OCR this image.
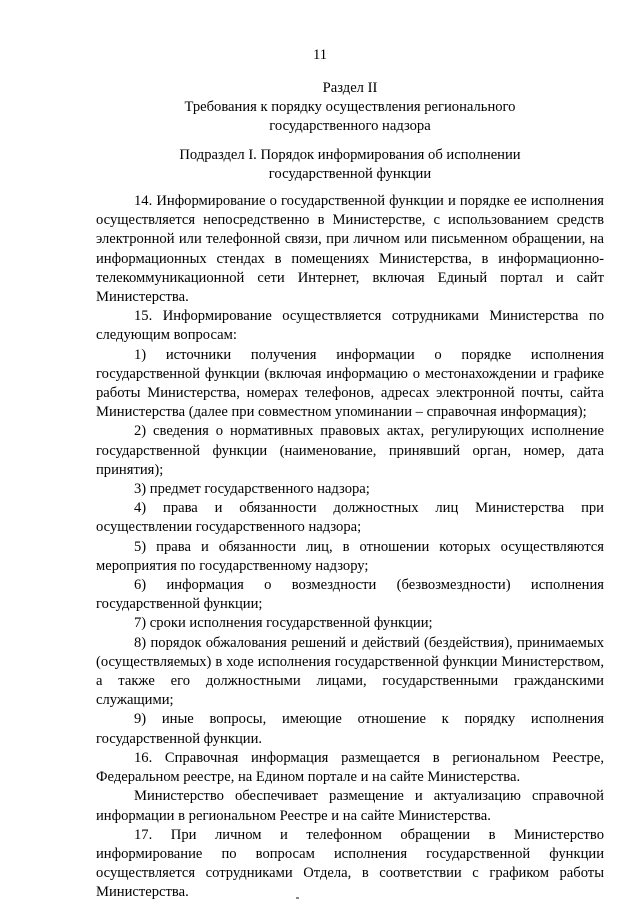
11
Раздел II
Требования к порядку осуществления регионального
государственного надзора
Подраздел I. Порядок информирования об исполнении
государственной функции

14. Информирование о государственной функции и порядке ее исполнения осуществляется непосредственно в Министерстве, с использованием средств электронной или телефонной связи, при личном или письменном обращении, на информационных стендах в помещениях Министерства, в информационно-телекоммуникационной сети Интернет, включая Единый портал и сайт Министерства.

15. Информирование осуществляется сотрудниками Министерства по следующим вопросам:

1) источники получения информации о порядке исполнения государственной функции (включая информацию о местонахождении и графике работы Министерства, номерах телефонов, адресах электронной почты, сайта Министерства (далее при совместном упоминании – справочная информация);

2) сведения о нормативных правовых актах, регулирующих исполнение государственной функции (наименование, принявший орган, номер, дата принятия);

3) предмет государственного надзора;

4) права и обязанности должностных лиц Министерства при осуществлении государственного надзора;

5) права и обязанности лиц, в отношении которых осуществляются мероприятия по государственному надзору;

6) информация о возмездности (безвозмездности) исполнения государственной функции;

7) сроки исполнения государственной функции;

8) порядок обжалования решений и действий (бездействия), принимаемых (осуществляемых) в ходе исполнения государственной функции Министерством, а также его должностными лицами, государственными гражданскими служащими;

9) иные вопросы, имеющие отношение к порядку исполнения государственной функции.

16. Справочная информация размещается в региональном Реестре, Федеральном реестре, на Едином портале и на сайте Министерства.

Министерство обеспечивает размещение и актуализацию справочной информации в региональном Реестре и на сайте Министерства.

17. При личном и телефонном обращении в Министерство информирование по вопросам исполнения государственной функции осуществляется сотрудниками Отдела, в соответствии с графиком работы Министерства.
